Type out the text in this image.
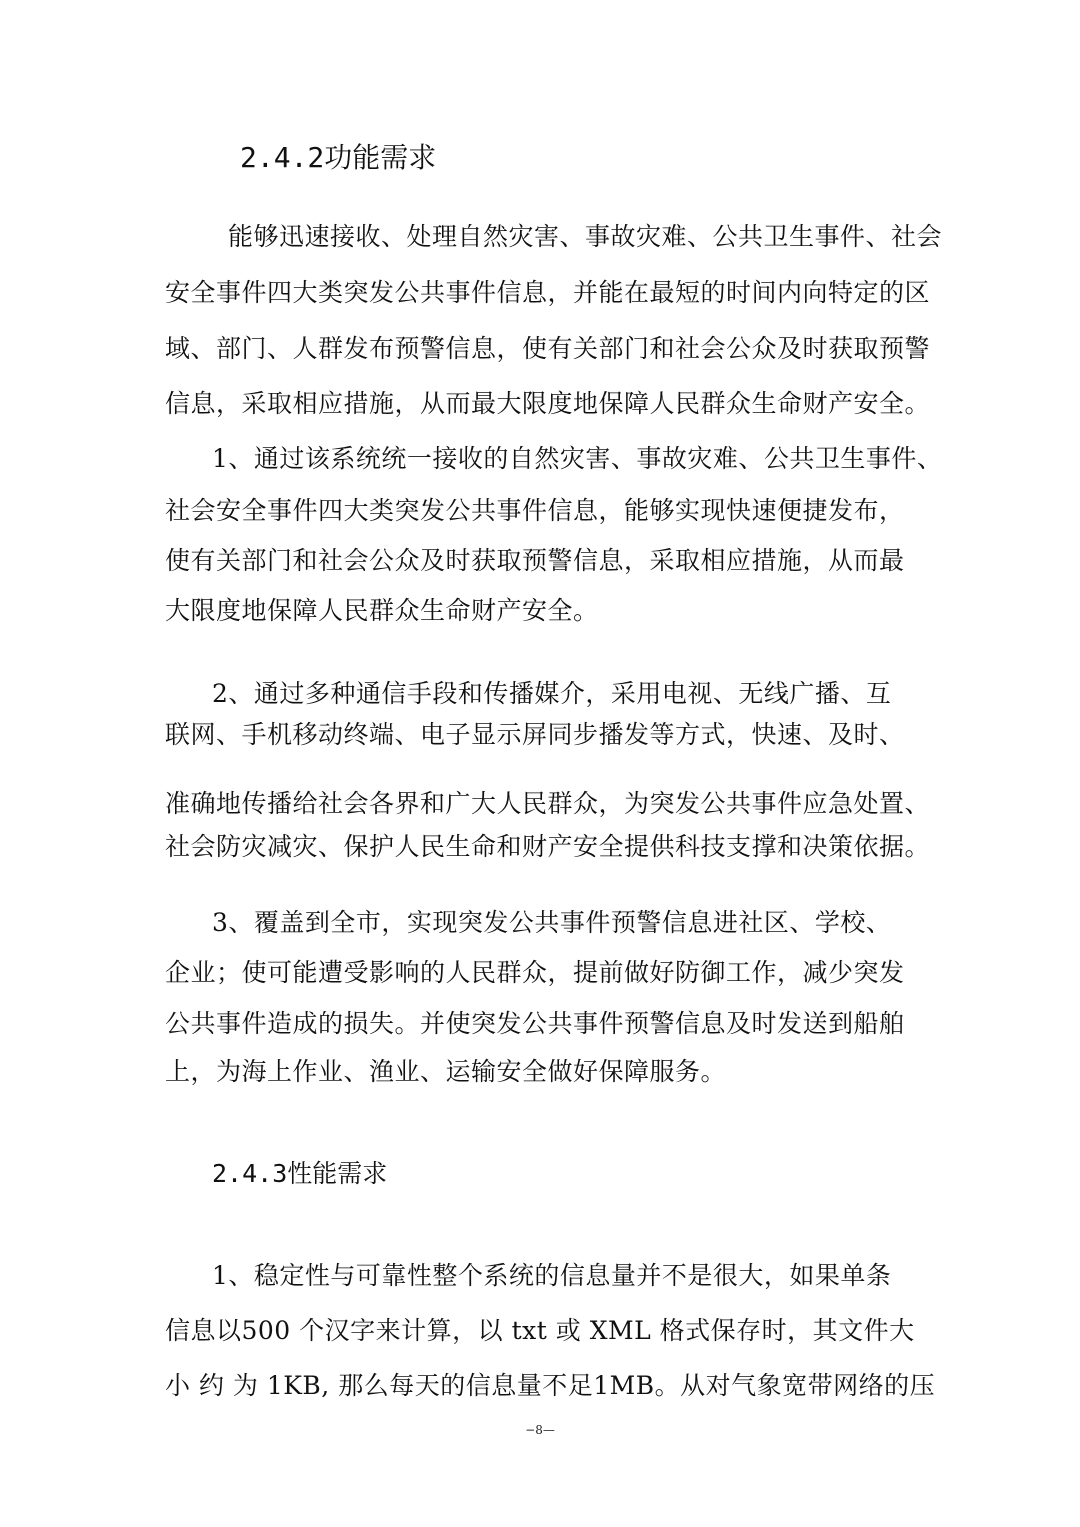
2.4.2功能需求
能够迅速接收、处理自然灾害、事故灾难、公共卫生事件、社会
安全事件四大类突发公共事件信息，并能在最短的时间内向特定的区
域、部门、人群发布预警信息，使有关部门和社会公众及时获取预警
信息，采取相应措施，从而最大限度地保障人民群众生命财产安全。
1、通过该系统统一接收的自然灾害、事故灾难、公共卫生事件、
社会安全事件四大类突发公共事件信息，能够实现快速便捷发布，
使有关部门和社会公众及时获取预警信息，采取相应措施，从而最
大限度地保障人民群众生命财产安全。
2、通过多种通信手段和传播媒介，采用电视、无线广播、互
联网、手机移动终端、电子显示屏同步播发等方式，快速、及时、
准确地传播给社会各界和广大人民群众，为突发公共事件应急处置、
社会防灾减灾、保护人民生命和财产安全提供科技支撑和决策依据。
3、覆盖到全市，实现突发公共事件预警信息进社区、学校、
企业；使可能遭受影响的人民群众，提前做好防御工作，减少突发
公共事件造成的损失。并使突发公共事件预警信息及时发送到船舶
上，为海上作业、渔业、运输安全做好保障服务。
2.4.3性能需求
1、稳定性与可靠性整个系统的信息量并不是很大，如果单条
信息以500 个汉字来计算，以 txt 或 XML 格式保存时，其文件大
小 约 为 1KB, 那么每天的信息量不足1MB。从对气象宽带网络的压
−8—
